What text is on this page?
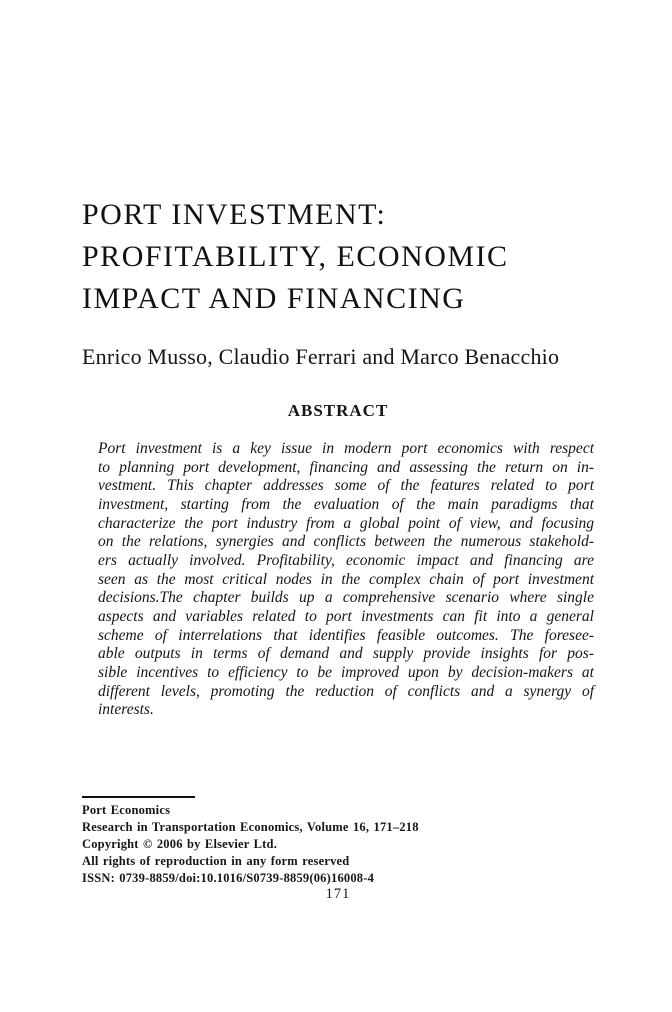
PORT INVESTMENT:
PROFITABILITY, ECONOMIC
IMPACT AND FINANCING
Enrico Musso, Claudio Ferrari and Marco Benacchio
ABSTRACT
Port investment is a key issue in modern port economics with respect
to planning port development, financing and assessing the return on in-
vestment. This chapter addresses some of the features related to port
investment, starting from the evaluation of the main paradigms that
characterize the port industry from a global point of view, and focusing
on the relations, synergies and conflicts between the numerous stakehold-
ers actually involved. Profitability, economic impact and financing are
seen as the most critical nodes in the complex chain of port investment
decisions.The chapter builds up a comprehensive scenario where single
aspects and variables related to port investments can fit into a general
scheme of interrelations that identifies feasible outcomes. The foresee-
able outputs in terms of demand and supply provide insights for pos-
sible incentives to efficiency to be improved upon by decision-makers at
different levels, promoting the reduction of conflicts and a synergy of
interests.
Port Economics
Research in Transportation Economics, Volume 16, 171–218
Copyright © 2006 by Elsevier Ltd.
All rights of reproduction in any form reserved
ISSN: 0739-8859/doi:10.1016/S0739-8859(06)16008-4
171
